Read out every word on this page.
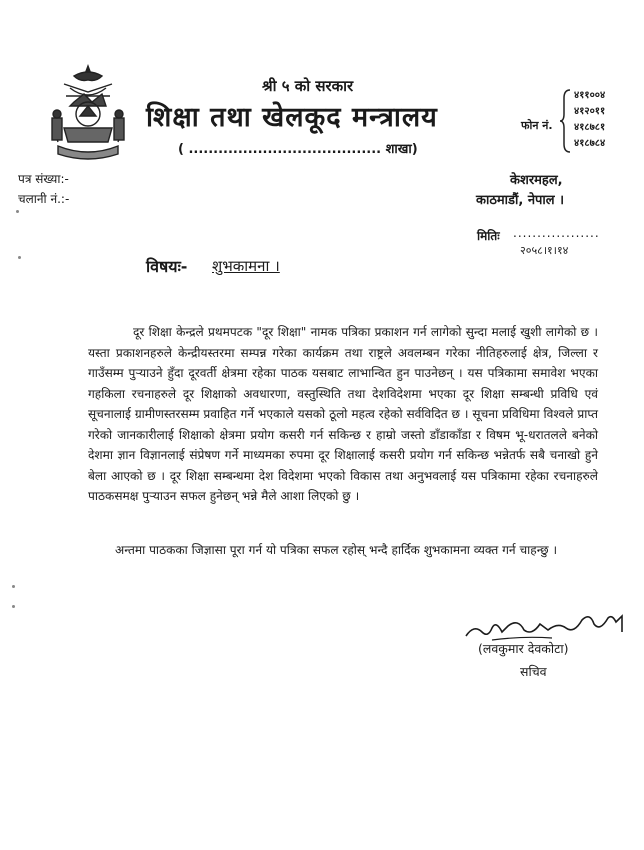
श्री ५ को सरकार
शिक्षा तथा खेलकूद मन्त्रालय
( ....................................... शाखा)
फोन नं.
४११००४
४१२०११
४१८७८१
४१८७८४
पत्र संख्या:-
चलानी नं.:-
केशरमहल,
काठमाडौं, नेपाल ।
मितिः ..................
२०५८।१।१४
विषयः- शुभकामना ।

दूर शिक्षा केन्द्रले प्रथमपटक "दूर शिक्षा" नामक पत्रिका प्रकाशन गर्न लागेको सुन्दा मलाई खुशी लागेको छ । यस्ता प्रकाशनहरुले केन्द्रीयस्तरमा सम्पन्न गरेका कार्यक्रम तथा राष्ट्रले अवलम्बन गरेका नीतिहरुलाई क्षेत्र, जिल्ला र गाउँसम्म पुऱ्याउने हुँदा दूरवर्ती क्षेत्रमा रहेका पाठक यसबाट लाभान्वित हुन पाउनेछन् । यस पत्रिकामा समावेश भएका गहकिला रचनाहरुले दूर शिक्षाको अवधारणा, वस्तुस्थिति तथा देशविदेशमा भएका दूर शिक्षा सम्बन्धी प्रविधि एवं सूचनालाई ग्रामीणस्तरसम्म प्रवाहित गर्ने भएकाले यसको ठूलो महत्व रहेको सर्वविदित छ । सूचना प्रविधिमा विश्वले प्राप्त गरेको जानकारीलाई शिक्षाको क्षेत्रमा प्रयोग कसरी गर्न सकिन्छ र हाम्रो जस्तो डाँडाकाँडा र विषम भू-धरातलले बनेको देशमा ज्ञान विज्ञानलाई संप्रेषण गर्ने माध्यमका रुपमा दूर शिक्षालाई कसरी प्रयोग गर्न सकिन्छ भन्नेतर्फ सबै चनाखो हुने बेला आएको छ । दूर शिक्षा सम्बन्धमा देश विदेशमा भएको विकास तथा अनुभवलाई यस पत्रिकामा रहेका रचनाहरुले पाठकसमक्ष पुऱ्याउन सफल हुनेछन् भन्ने मैले आशा लिएको छु ।

अन्तमा पाठकका जिज्ञासा पूरा गर्न यो पत्रिका सफल रहोस् भन्दै हार्दिक शुभकामना व्यक्त गर्न चाहन्छु ।

(लवकुमार देवकोटा)
सचिव
